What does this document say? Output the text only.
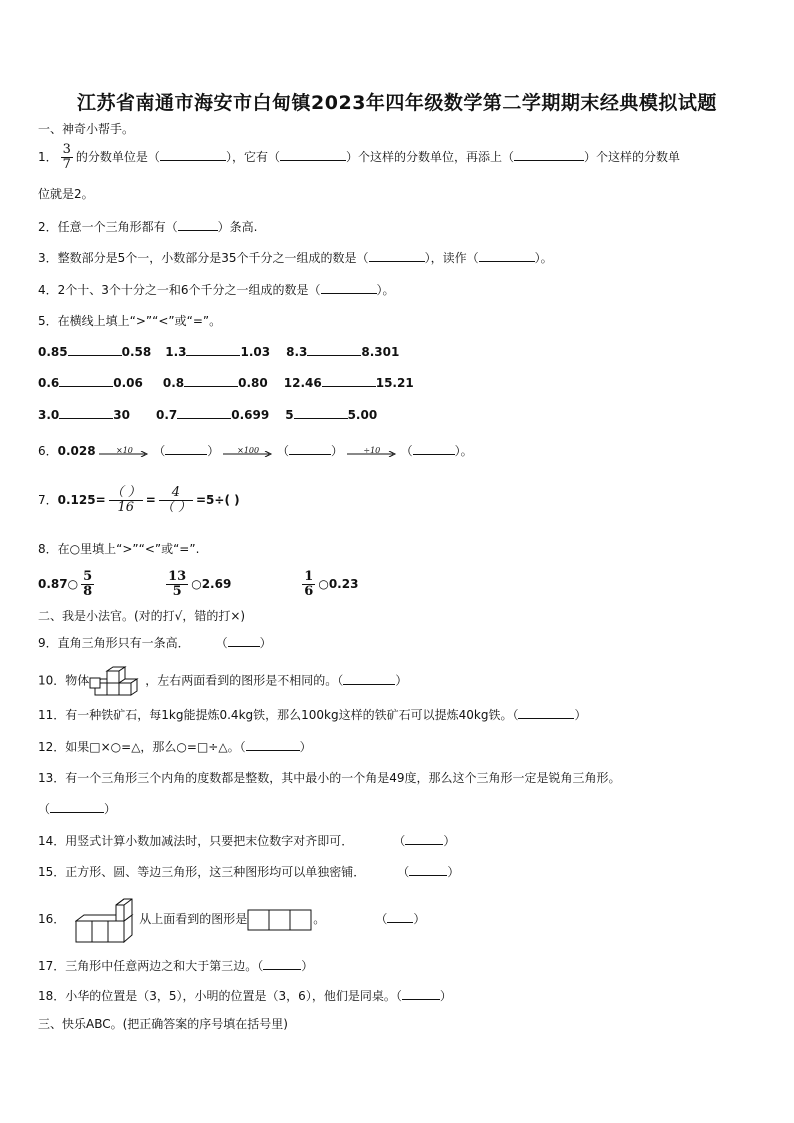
江苏省南通市海安市白甸镇2023年四年级数学第二学期期末经典模拟试题
一、神奇小帮手。
1． $\frac{3}{7}$ 的分数单位是（	），它有（	）个这样的分数单位，再添上（	）个这样的分数单
位就是2。
2．任意一个三角形都有（	）条高.
3．整数部分是5个一，小数部分是35个千分之一组成的数是（	），读作（	）。
4．2个十、3个十分之一和6个千分之一组成的数是（	）。
5．在横线上填上“>”“<”或“=”。
0.85	0.58 1.3	1.03 8.3	8.301
0.6	0.06 0.8	0.80 12.46	15.21
3.0	30 0.7	0.699 5	5.00
6．0.028	×10	（	）	×100	（	）	÷10	（	）。
7．$0.125= \frac{( )}{16} = \frac{4}{( )} =5\div$( )
8．在○里填上“>”“<”或“=”.
0.87○ $\frac{5}{8}$	$\frac{13}{5}$ ○2.69	$\frac{1}{6}$ ○0.23
二、我是小法官。(对的打√，错的打×)
9．直角三角形只有一条高． （	）
10．物体	，左右两面看到的图形是不相同的。（	）
11．有一种铁矿石，每1kg能提炼0.4kg铁，那么100kg这样的铁矿石可以提炼40kg铁。（	）
12．如果□×○=△，那么○=□÷△。（	）
13．有一个三角形三个内角的度数都是整数，其中最小的一个角是49度，那么这个三角形一定是锐角三角形。
（	）
14．用竖式计算小数加减法时，只要把末位数字对齐即可．	（	）
15．正方形、圆、等边三角形，这三种图形均可以单独密铺．	（	）
16．	从上面看到的图形是	。	（ ）
17．三角形中任意两边之和大于第三边。（	）
18．小华的位置是（3，5），小明的位置是（3，6），他们是同桌。（	）
三、快乐ABC。(把正确答案的序号填在括号里)
